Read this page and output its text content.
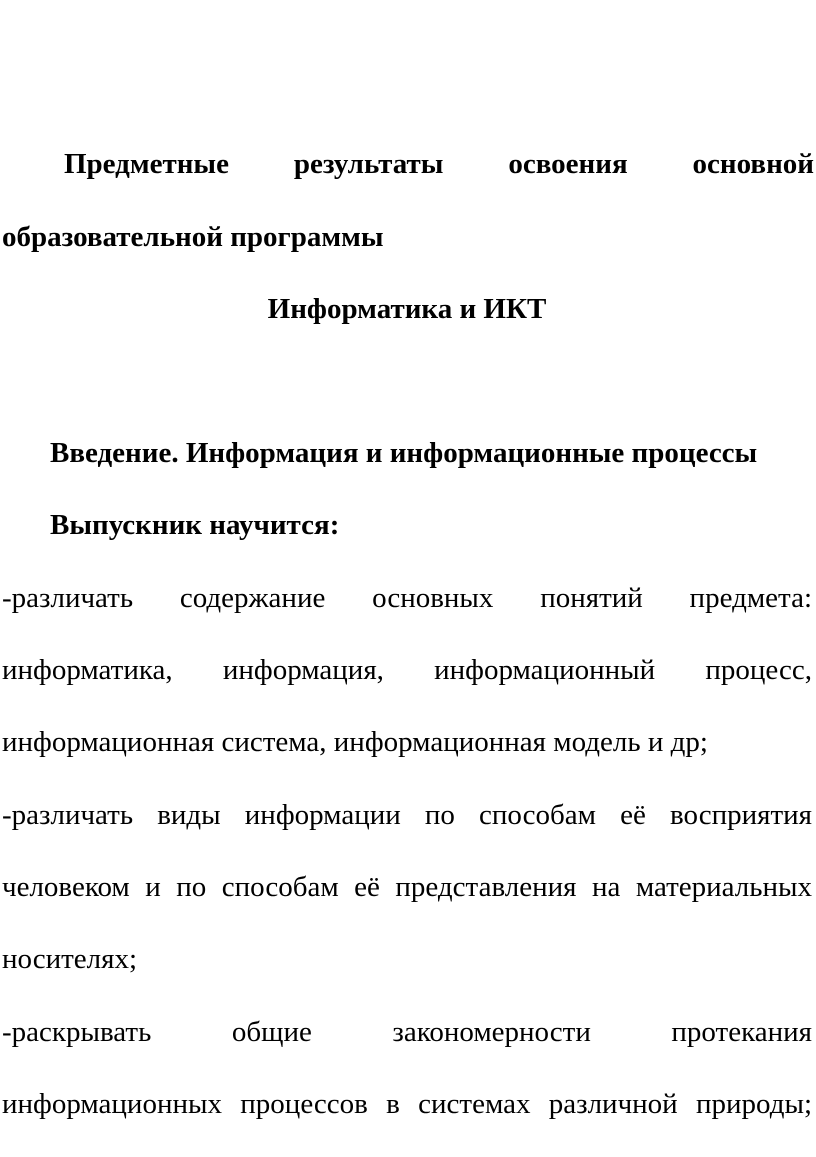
Предметные результаты освоения основной
образовательной программы
Информатика и ИКТ
Введение. Информация и информационные процессы
Выпускник научится:
-различать содержание основных понятий предмета:
информатика, информация, информационный процесс,
информационная система, информационная модель и др;
-различать виды информации по способам её восприятия
человеком и по способам её представления на материальных
носителях;
-раскрывать общие закономерности протекания
информационных процессов в системах различной природы;
